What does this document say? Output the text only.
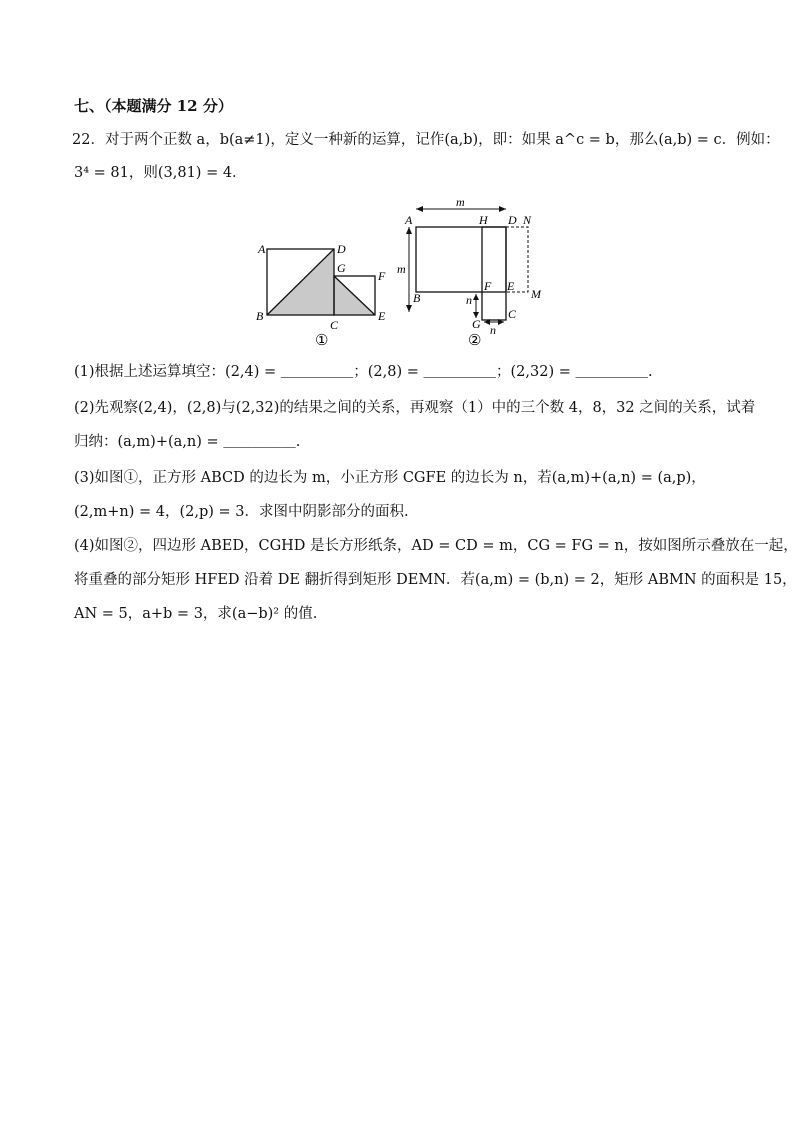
七、（本题满分 12 分）
22．对于两个正数 a，b(a≠1)，定义一种新的运算，记作(a,b)，即：如果 a^c = b，那么(a,b) = c．例如：
3⁴ = 81，则(3,81) = 4．
A
B
C
D
E
F
G
①
m
m
n
n
A
B
C
D
E
F
G
H
M
N
②
(1)根据上述运算填空：(2,4) = ＿＿＿＿＿；(2,8) = ＿＿＿＿＿；(2,32) = ＿＿＿＿＿.
(2)先观察(2,4)，(2,8)与(2,32)的结果之间的关系，再观察（1）中的三个数 4，8，32 之间的关系，试着
归纳：(a,m)+(a,n) = ＿＿＿＿＿.
(3)如图①，正方形 ABCD 的边长为 m，小正方形 CGFE 的边长为 n，若(a,m)+(a,n) = (a,p)，
(2,m+n) = 4，(2,p) = 3．求图中阴影部分的面积.
(4)如图②，四边形 ABED，CGHD 是长方形纸条，AD = CD = m，CG = FG = n，按如图所示叠放在一起，
将重叠的部分矩形 HFED 沿着 DE 翻折得到矩形 DEMN．若(a,m) = (b,n) = 2，矩形 ABMN 的面积是 15，
AN = 5，a+b = 3，求(a−b)² 的值.
